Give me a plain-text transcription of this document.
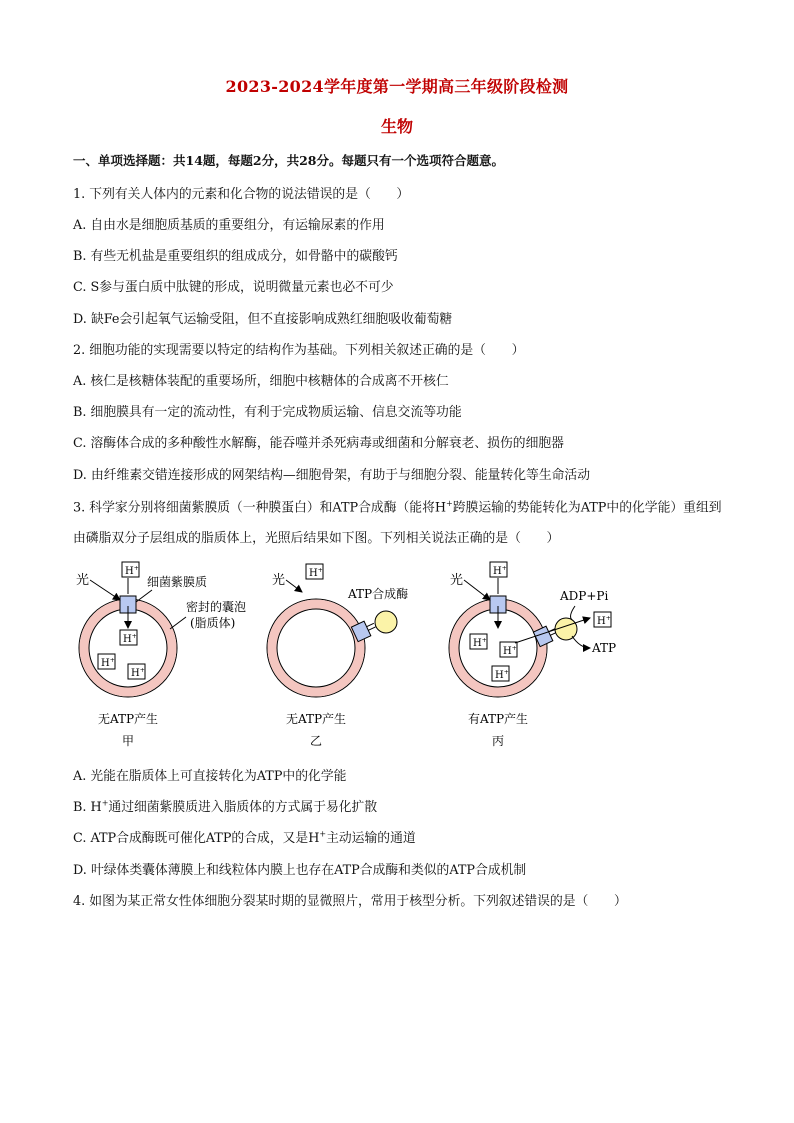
2023-2024学年度第一学期高三年级阶段检测
生物
一、单项选择题：共14题，每题2分，共28分。每题只有一个选项符合题意。
1. 下列有关人体内的元素和化合物的说法错误的是（　　）
A. 自由水是细胞质基质的重要组分，有运输尿素的作用
B. 有些无机盐是重要组织的组成成分，如骨骼中的碳酸钙
C. S参与蛋白质中肽键的形成，说明微量元素也必不可少
D. 缺Fe会引起氧气运输受阻，但不直接影响成熟红细胞吸收葡萄糖
2. 细胞功能的实现需要以特定的结构作为基础。下列相关叙述正确的是（　　）
A. 核仁是核糖体装配的重要场所，细胞中核糖体的合成离不开核仁
B. 细胞膜具有一定的流动性，有利于完成物质运输、信息交流等功能
C. 溶酶体合成的多种酸性水解酶，能吞噬并杀死病毒或细菌和分解衰老、损伤的细胞器
D. 由纤维素交错连接形成的网架结构—细胞骨架，有助于与细胞分裂、能量转化等生命活动
3. 科学家分别将细菌紫膜质（一种膜蛋白）和ATP合成酶（能将H+跨膜运输的势能转化为ATP中的化学能）重组到由磷脂双分子层组成的脂质体上，光照后结果如下图。下列相关说法正确的是（　　）
光
H+
H+
H+
H+
细菌紫膜质
密封的囊泡
(脂质体)
无ATP产生
甲
光 H+
ATP合成酶
无ATP产生
乙
光
H+
H+
H+
H+
ADP+Pi
ATP
H+
有ATP产生
丙
A. 光能在脂质体上可直接转化为ATP中的化学能
B. H+通过细菌紫膜质进入脂质体的方式属于易化扩散
C. ATP合成酶既可催化ATP的合成，又是H+主动运输的通道
D. 叶绿体类囊体薄膜上和线粒体内膜上也存在ATP合成酶和类似的ATP合成机制
4. 如图为某正常女性体细胞分裂某时期的显微照片，常用于核型分析。下列叙述错误的是（　　）
